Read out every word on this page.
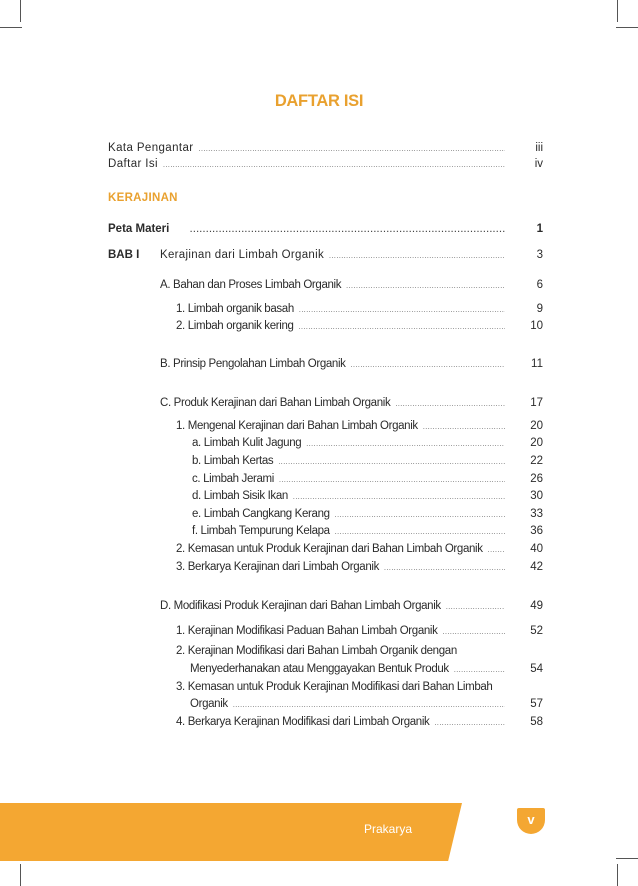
DAFTAR ISI
Kata Pengantar .....	iii
Daftar Isi .....	iv
KERAJINAN
Peta Materi .....	1
BAB I	Kerajinan dari Limbah Organik .....	3
A. Bahan dan Proses Limbah Organik .....	6
1. Limbah organik basah .....	9
2. Limbah organik kering .....	10
B. Prinsip Pengolahan Limbah Organik .....	11
C. Produk Kerajinan dari Bahan Limbah Organik .....	17
1. Mengenal Kerajinan dari Bahan Limbah Organik .....	20
a. Limbah Kulit Jagung .....	20
b. Limbah Kertas .....	22
c. Limbah Jerami .....	26
d. Limbah Sisik Ikan .....	30
e. Limbah Cangkang Kerang .....	33
f. Limbah Tempurung Kelapa .....	36
2. Kemasan untuk Produk Kerajinan dari Bahan Limbah Organik .....	40
3. Berkarya Kerajinan dari Limbah Organik .....	42
D. Modifikasi Produk Kerajinan dari Bahan Limbah Organik .....	49
1. Kerajinan Modifikasi Paduan Bahan Limbah Organik .....	52
2. Kerajinan Modifikasi dari Bahan Limbah Organik dengan
Menyederhanakan atau Menggayakan Bentuk Produk .....	54
3. Kemasan untuk Produk Kerajinan Modifikasi dari Bahan Limbah
Organik .....	57
4. Berkarya Kerajinan Modifikasi dari Limbah Organik .....	58
Prakarya
v
